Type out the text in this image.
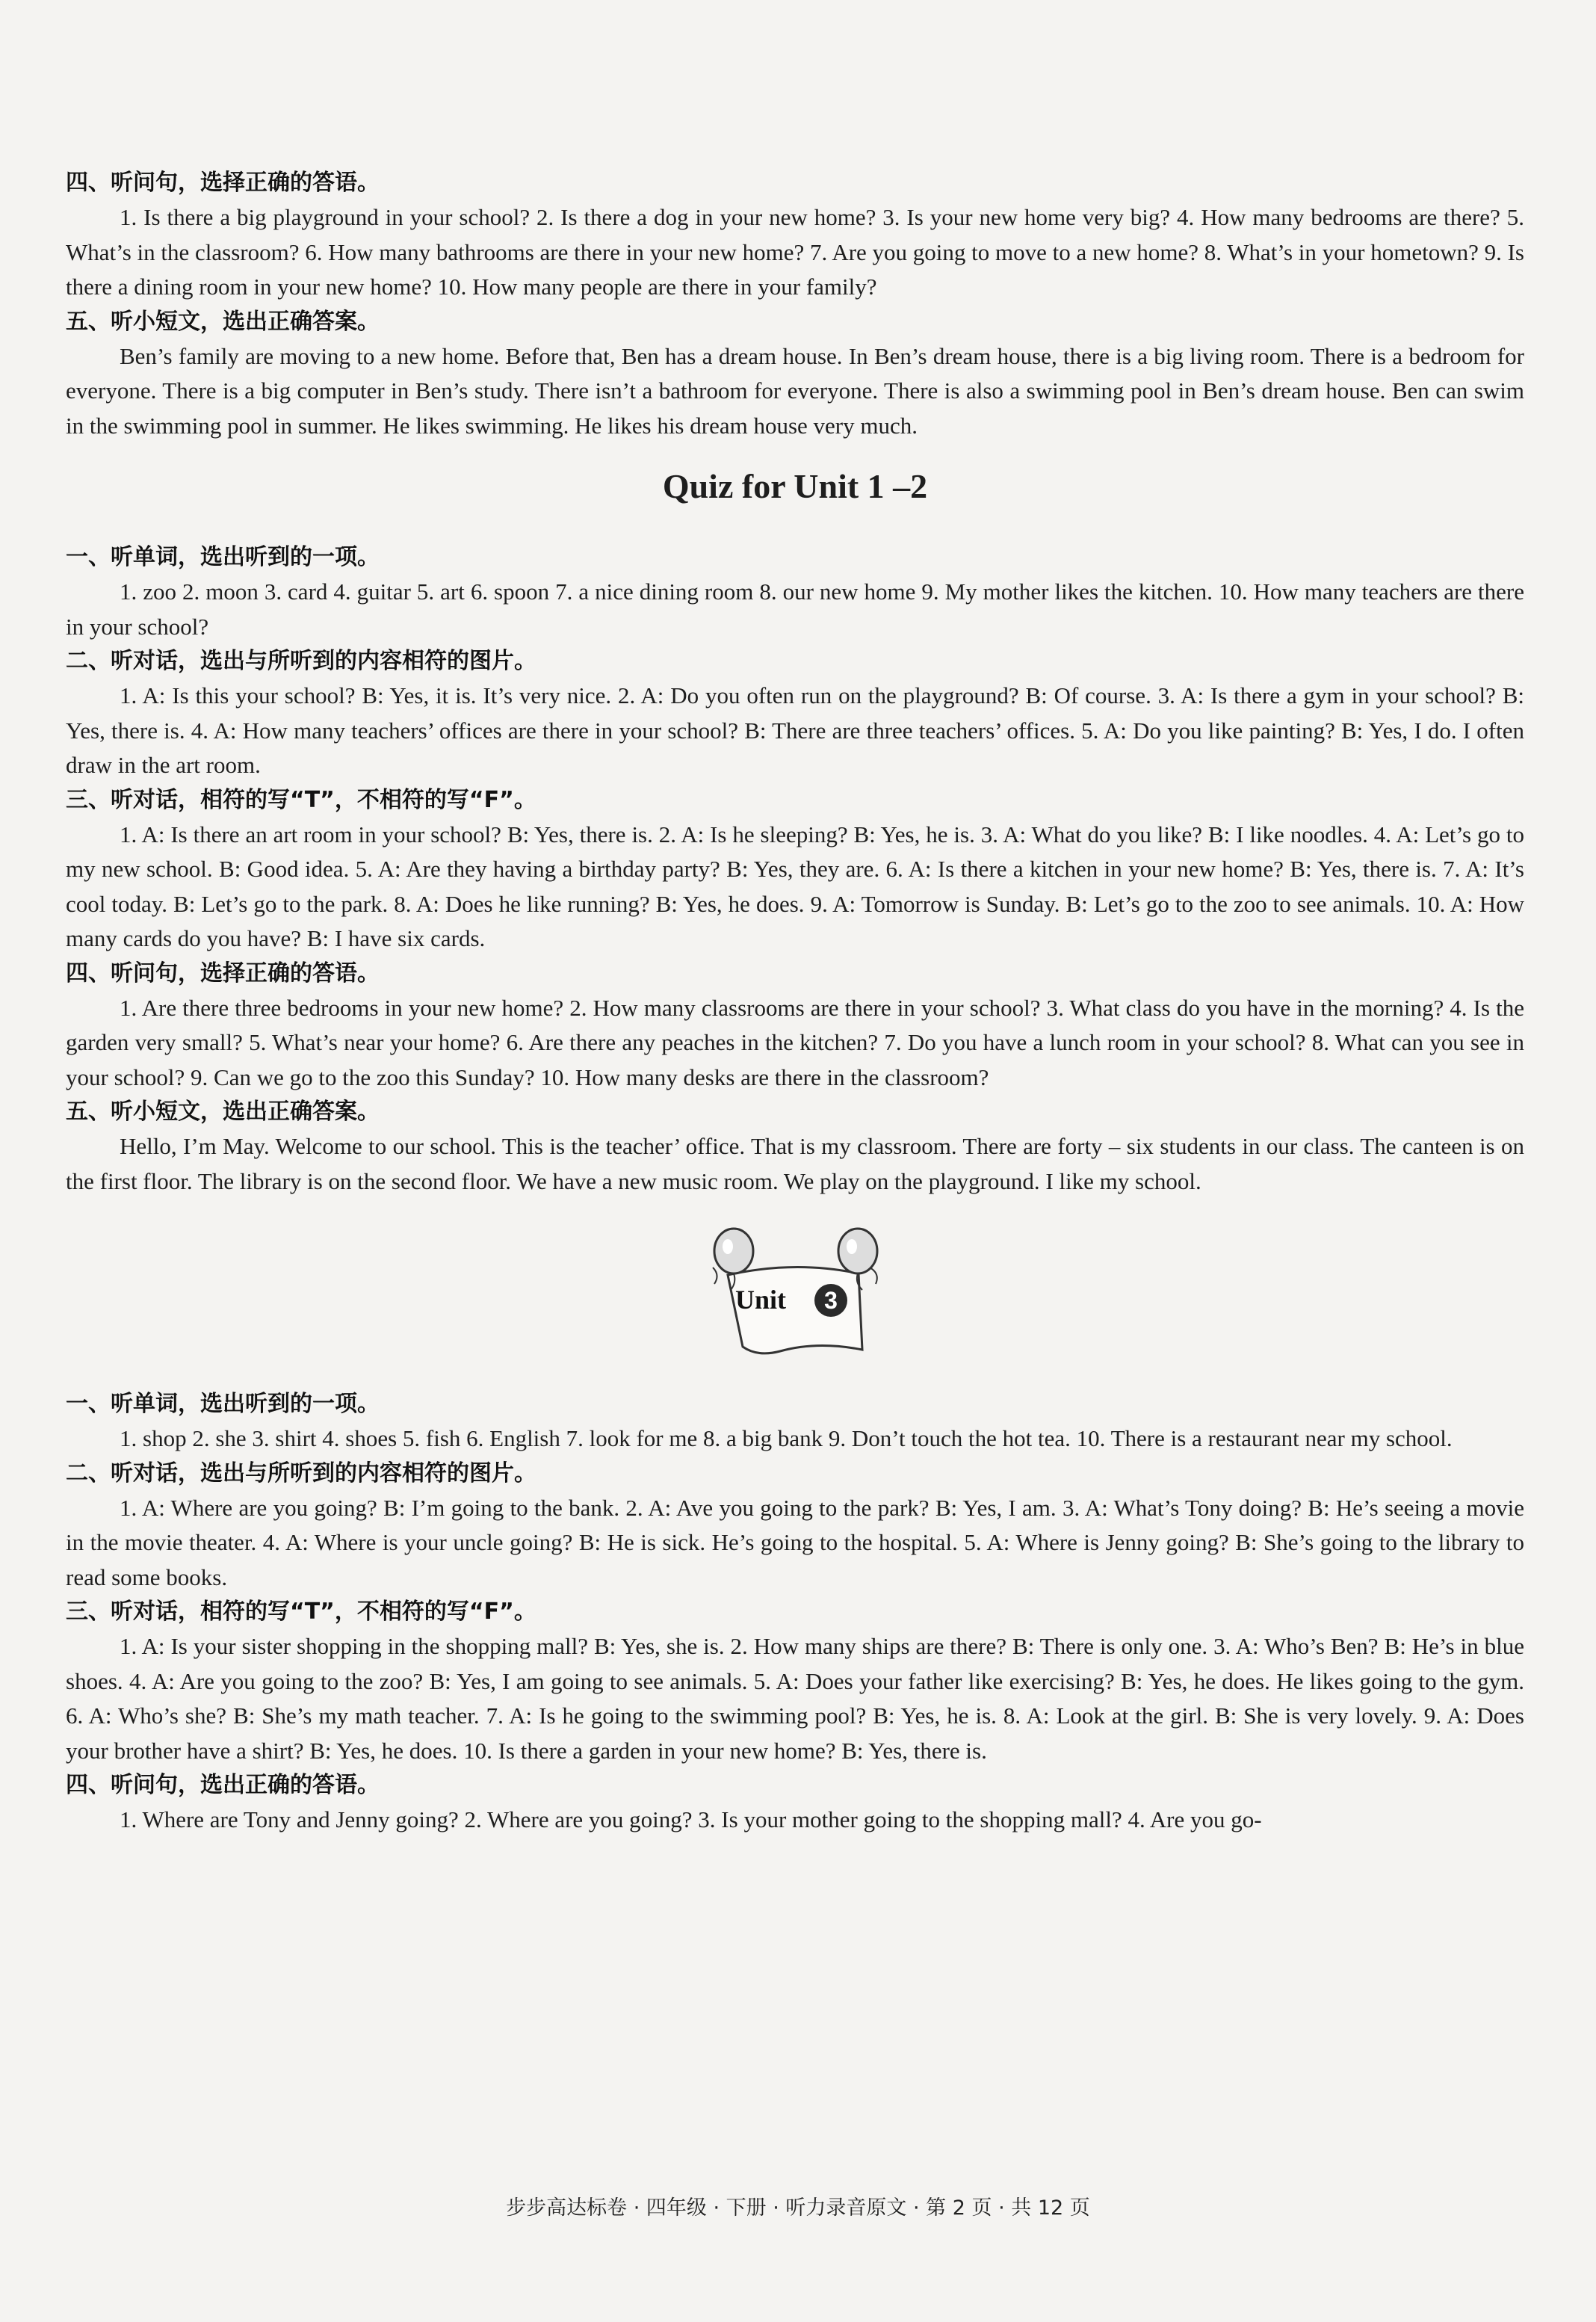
四、听问句，选择正确的答语。

1. Is there a big playground in your school? 2. Is there a dog in your new home? 3. Is your new home very big? 4. How many bedrooms are there? 5. What’s in the classroom? 6. How many bathrooms are there in your new home? 7. Are you going to move to a new home? 8. What’s in your hometown? 9. Is there a dining room in your new home? 10. How many people are there in your family?

五、听小短文，选出正确答案。

Ben’s family are moving to a new home. Before that, Ben has a dream house. In Ben’s dream house, there is a big living room. There is a bedroom for everyone. There is a big computer in Ben’s study. There isn’t a bathroom for everyone. There is also a swimming pool in Ben’s dream house. Ben can swim in the swimming pool in summer. He likes swimming. He likes his dream house very much.

Quiz for Unit 1 –2
一、听单词，选出听到的一项。

1. zoo 2. moon 3. card 4. guitar 5. art 6. spoon 7. a nice dining room 8. our new home 9. My mother likes the kitchen. 10. How many teachers are there in your school?

二、听对话，选出与所听到的内容相符的图片。

1. A: Is this your school? B: Yes, it is. It’s very nice. 2. A: Do you often run on the playground? B: Of course. 3. A: Is there a gym in your school? B: Yes, there is. 4. A: How many teachers’ offices are there in your school? B: There are three teachers’ offices. 5. A: Do you like painting? B: Yes, I do. I often draw in the art room.

三、听对话，相符的写“T”，不相符的写“F”。

1. A: Is there an art room in your school? B: Yes, there is. 2. A: Is he sleeping? B: Yes, he is. 3. A: What do you like? B: I like noodles. 4. A: Let’s go to my new school. B: Good idea. 5. A: Are they having a birthday party? B: Yes, they are. 6. A: Is there a kitchen in your new home? B: Yes, there is. 7. A: It’s cool today. B: Let’s go to the park. 8. A: Does he like running? B: Yes, he does. 9. A: Tomorrow is Sunday. B: Let’s go to the zoo to see animals. 10. A: How many cards do you have? B: I have six cards.

四、听问句，选择正确的答语。

1. Are there three bedrooms in your new home? 2. How many classrooms are there in your school? 3. What class do you have in the morning? 4. Is the garden very small? 5. What’s near your home? 6. Are there any peaches in the kitchen? 7. Do you have a lunch room in your school? 8. What can you see in your school? 9. Can we go to the zoo this Sunday? 10. How many desks are there in the classroom?

五、听小短文，选出正确答案。

Hello, I’m May. Welcome to our school. This is the teacher’ office. That is my classroom. There are forty – six students in our class. The canteen is on the first floor. The library is on the second floor. We have a new music room. We play on the playground. I like my school.

Unit	3
一、听单词，选出听到的一项。

1. shop 2. she 3. shirt 4. shoes 5. fish 6. English 7. look for me 8. a big bank 9. Don’t touch the hot tea. 10. There is a restaurant near my school.

二、听对话，选出与所听到的内容相符的图片。

1. A: Where are you going? B: I’m going to the bank. 2. A: Ave you going to the park? B: Yes, I am. 3. A: What’s Tony doing? B: He’s seeing a movie in the movie theater. 4. A: Where is your uncle going? B: He is sick. He’s going to the hospital. 5. A: Where is Jenny going? B: She’s going to the library to read some books.

三、听对话，相符的写“T”，不相符的写“F”。

1. A: Is your sister shopping in the shopping mall? B: Yes, she is. 2. How many ships are there? B: There is only one. 3. A: Who’s Ben? B: He’s in blue shoes. 4. A: Are you going to the zoo? B: Yes, I am going to see animals. 5. A: Does your father like exercising? B: Yes, he does. He likes going to the gym. 6. A: Who’s she? B: She’s my math teacher. 7. A: Is he going to the swimming pool? B: Yes, he is. 8. A: Look at the girl. B: She is very lovely. 9. A: Does your brother have a shirt? B: Yes, he does. 10. Is there a garden in your new home? B: Yes, there is.

四、听问句，选出正确的答语。

1. Where are Tony and Jenny going? 2. Where are you going? 3. Is your mother going to the shopping mall? 4. Are you go-

步步高达标卷 · 四年级 · 下册 · 听力录音原文 · 第 2 页 · 共 12 页
